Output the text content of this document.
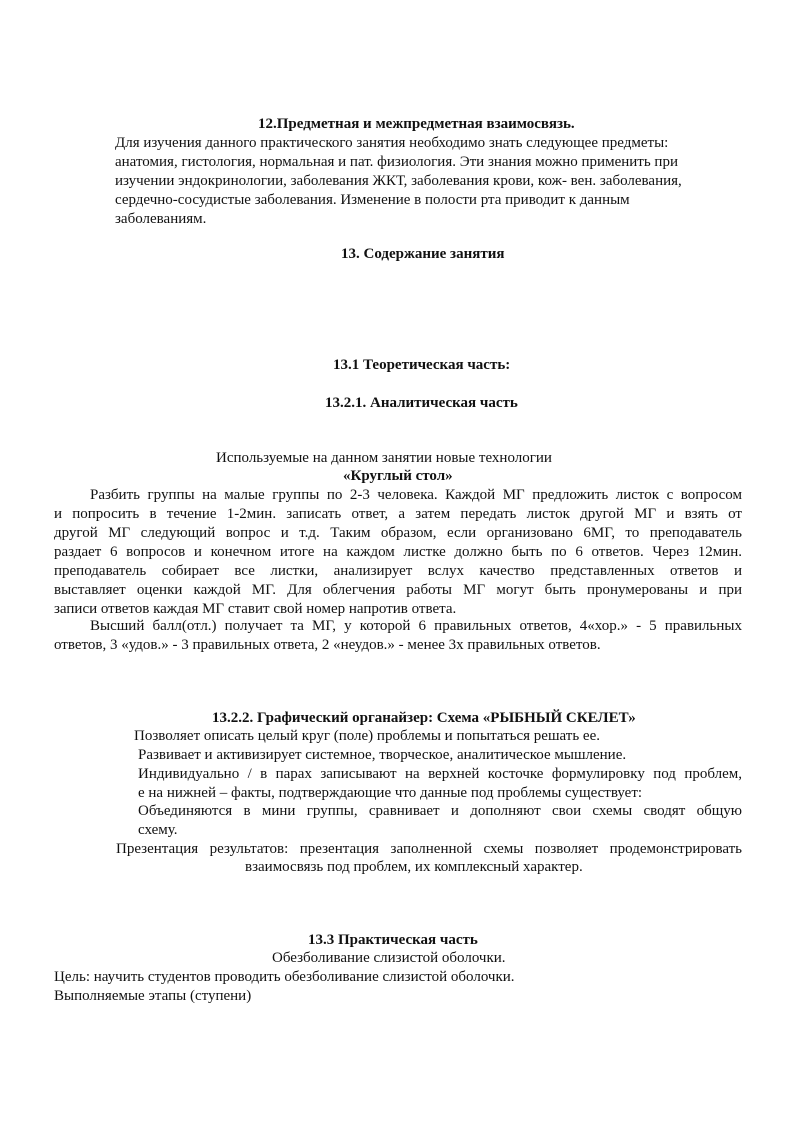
12.Предметная и межпредметная взаимосвязь.
Для изучения данного практического занятия необходимо знать следующее предметы:
анатомия, гистология, нормальная и пат. физиология. Эти знания можно применить при
изучении эндокринологии, заболевания ЖКТ, заболевания крови, кож- вен. заболевания,
сердечно-сосудистые заболевания. Изменение в полости рта приводит к данным
заболеваниям.
13. Содержание занятия
13.1 Теоретическая часть:
13.2.1. Аналитическая часть
Используемые на данном занятии новые технологии
«Круглый стол»
Разбить группы на малые группы по 2-3 человека. Каждой МГ предложить листок с вопросом
и попросить в течение 1-2мин. записать ответ, а затем передать листок другой МГ и взять от
другой МГ следующий вопрос и т.д. Таким образом, если организовано 6МГ, то преподаватель
раздает 6 вопросов и конечном итоге на каждом листке должно быть по 6 ответов. Через 12мин.
преподаватель собирает все листки, анализирует вслух качество представленных ответов и
выставляет оценки каждой МГ. Для облегчения работы МГ могут быть пронумерованы и при
записи ответов каждая МГ ставит свой номер напротив ответа.
Высший балл(отл.) получает та МГ, у которой 6 правильных ответов, 4«хор.» - 5 правильных
ответов, 3 «удов.» - 3 правильных ответа, 2 «неудов.» - менее 3х правильных ответов.
13.2.2. Графический органайзер: Схема «РЫБНЫЙ СКЕЛЕТ»
Позволяет описать целый круг (поле) проблемы и попытаться решать ее.
Развивает и активизирует системное, творческое, аналитическое мышление.
Индивидуально / в парах записывают на верхней косточке формулировку под проблем,
е на нижней – факты, подтверждающие что данные под проблемы существует:
Объединяются в мини группы, сравнивает и дополняют свои схемы сводят общую
схему.
Презентация результатов: презентация заполненной схемы позволяет продемонстрировать
взаимосвязь под проблем, их комплексный характер.
13.3 Практическая часть
Обезболивание слизистой оболочки.
Цель: научить студентов проводить обезболивание слизистой оболочки.
Выполняемые этапы (ступени)
